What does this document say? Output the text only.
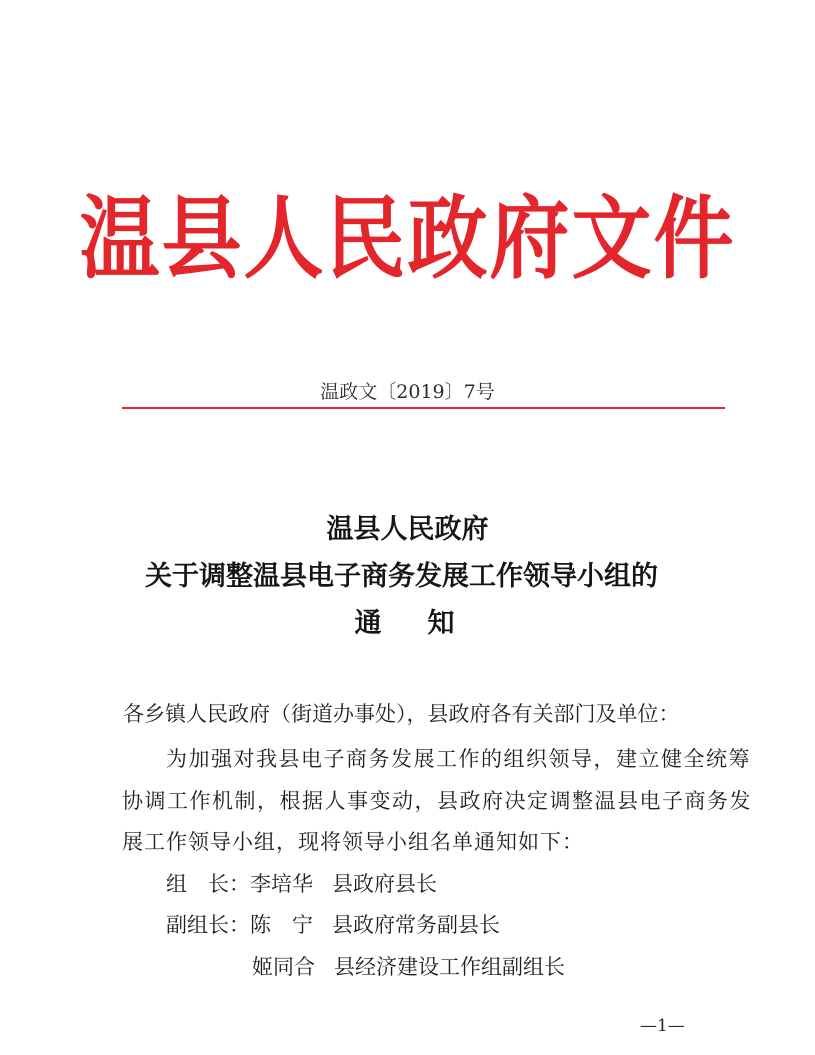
温县人民政府文件
温政文〔2019〕7号
温县人民政府
关于调整温县电子商务发展工作领导小组的
通知
各乡镇人民政府（街道办事处），县政府各有关部门及单位：
为加强对我县电子商务发展工作的组织领导，建立健全统筹
协调工作机制，根据人事变动，县政府决定调整温县电子商务发
展工作领导小组，现将领导小组名单通知如下：
组　长：李培华 县政府县长
副组长：陈　宁 县政府常务副县长
姬同合 县经济建设工作组副组长
—1—
